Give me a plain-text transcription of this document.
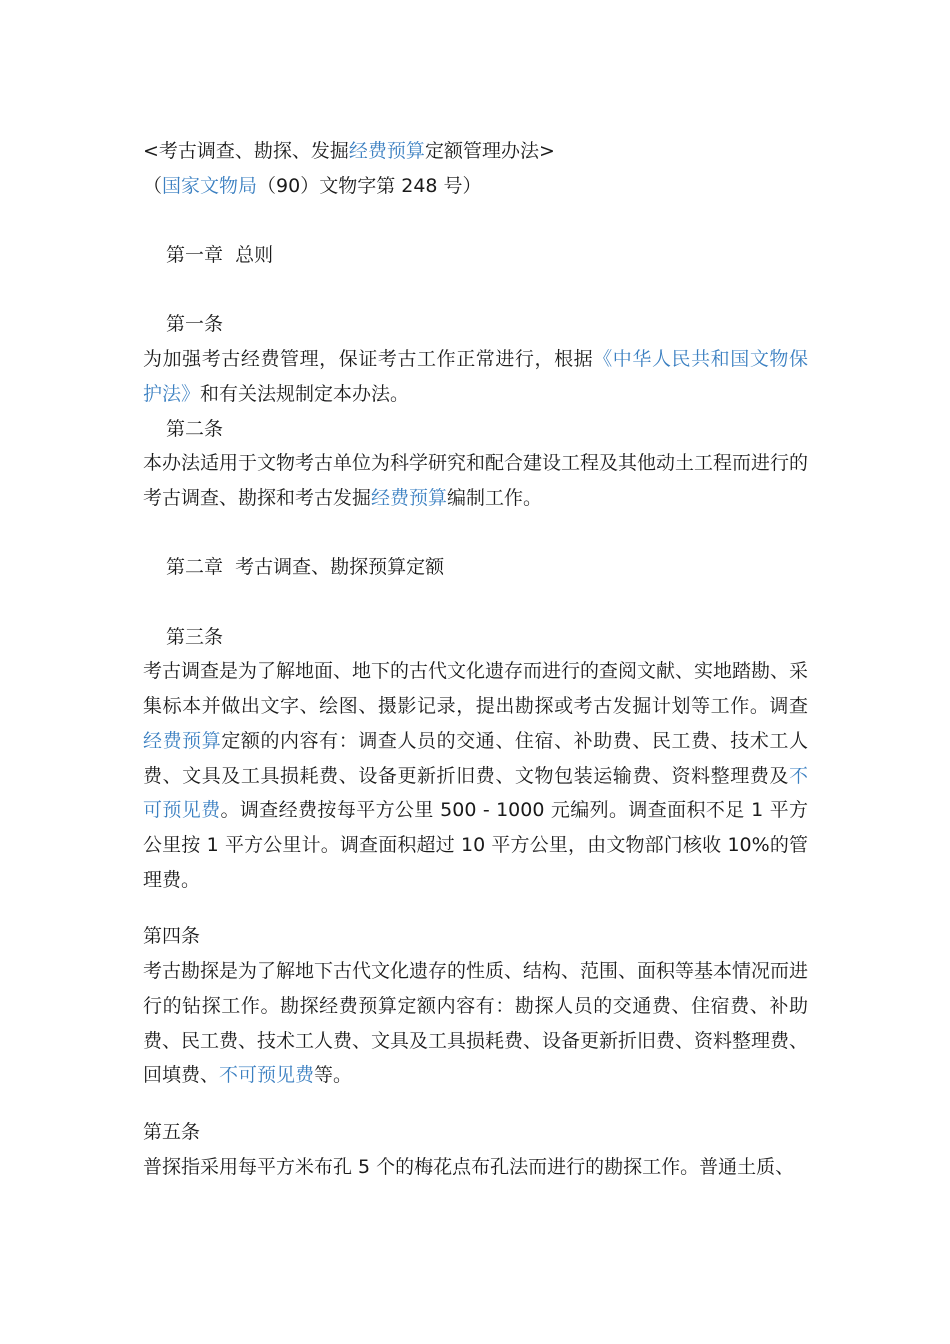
<考古调查、勘探、发掘经费预算定额管理办法>
（国家文物局（90）文物字第 248 号）
第一章  总则
第一条
为加强考古经费管理，保证考古工作正常进行，根据《中华人民共和国文物保护法》和有关法规制定本办法。
第二条
本办法适用于文物考古单位为科学研究和配合建设工程及其他动土工程而进行的考古调查、勘探和考古发掘经费预算编制工作。
第二章  考古调查、勘探预算定额
第三条
考古调查是为了解地面、地下的古代文化遗存而进行的查阅文献、实地踏勘、采集标本并做出文字、绘图、摄影记录，提出勘探或考古发掘计划等工作。调查经费预算定额的内容有：调查人员的交通、住宿、补助费、民工费、技术工人费、文具及工具损耗费、设备更新折旧费、文物包装运输费、资料整理费及不可预见费。调查经费按每平方公里 500 - 1000 元编列。调查面积不足 1 平方公里按 1 平方公里计。调查面积超过 10 平方公里，由文物部门核收 10%的管理费。
第四条
考古勘探是为了解地下古代文化遗存的性质、结构、范围、面积等基本情况而进行的钻探工作。勘探经费预算定额内容有：勘探人员的交通费、住宿费、补助费、民工费、技术工人费、文具及工具损耗费、设备更新折旧费、资料整理费、回填费、不可预见费等。
第五条
普探指采用每平方米布孔 5 个的梅花点布孔法而进行的勘探工作。普通土质、
